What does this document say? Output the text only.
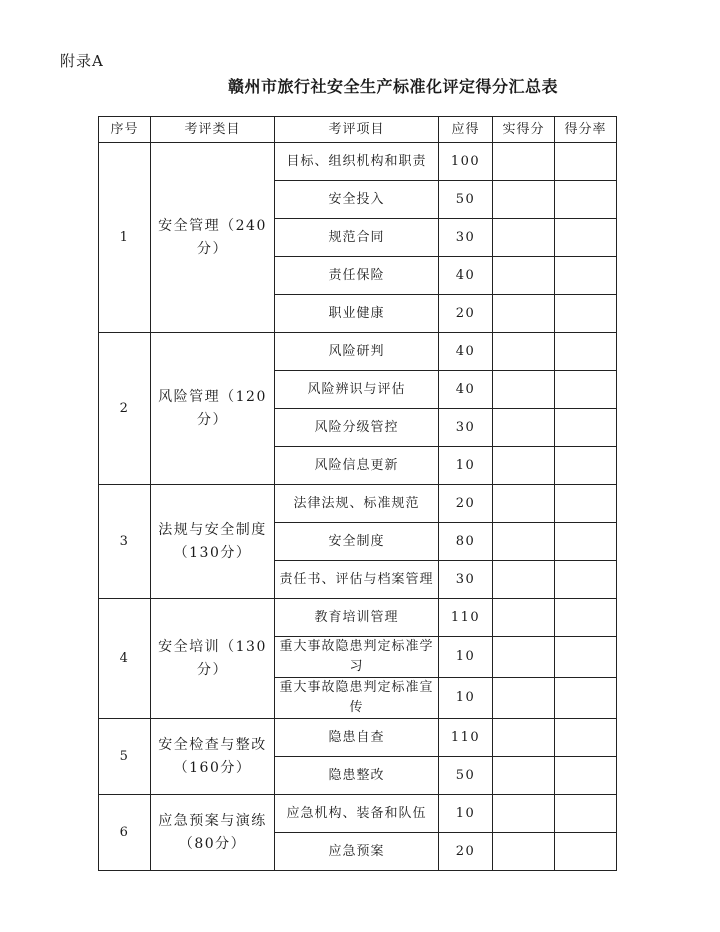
附录A
赣州市旅行社安全生产标准化评定得分汇总表
序号	考评类目	考评项目	应得	实得分	得分率
1	安全管理（240分）	目标、组织机构和职责	100		
		安全投入	50		
		规范合同	30		
		责任保险	40		
		职业健康	20		
2	风险管理（120分）	风险研判	40		
		风险辨识与评估	40		
		风险分级管控	30		
		风险信息更新	10		
3	法规与安全制度（130分）	法律法规、标准规范	20		
		安全制度	80		
		责任书、评估与档案管理	30		
4	安全培训（130分）	教育培训管理	110		
		重大事故隐患判定标准学习	10		
		重大事故隐患判定标准宣传	10		
5	安全检查与整改（160分）	隐患自查	110		
		隐患整改	50		
6	应急预案与演练（80分）	应急机构、装备和队伍	10		
		应急预案	20		
